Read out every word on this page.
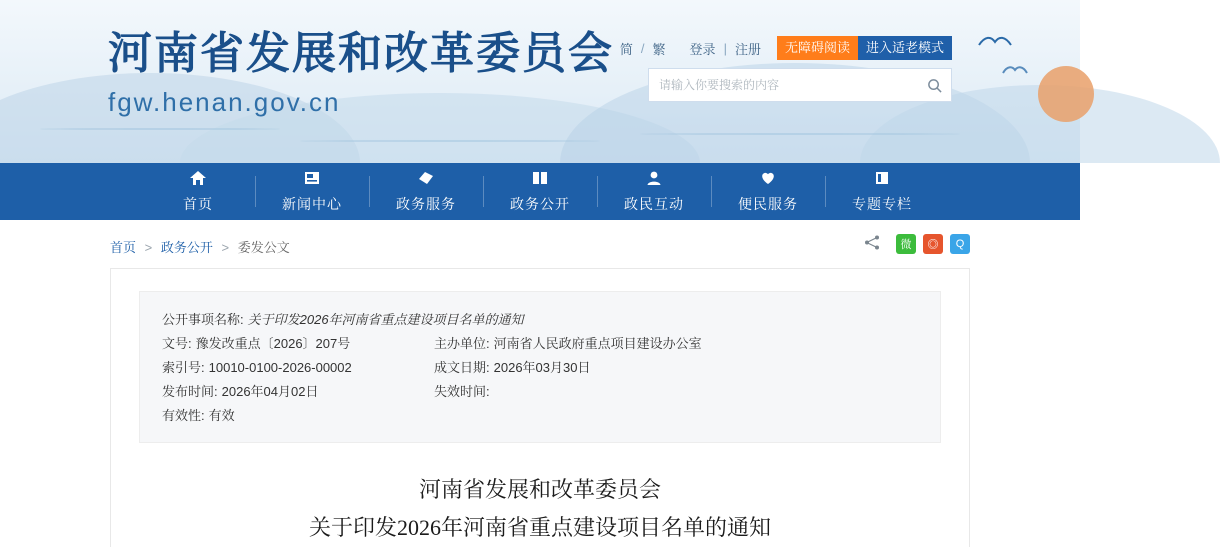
河南省发展和改革委员会
fgw.henan.gov.cn
简 / 繁	登录 | 注册	无障碍阅读	进入适老模式
请输入你要搜索的内容
首页	新闻中心	政务服务	政务公开	政民互动	便民服务	专题专栏
首页 > 政务公开 > 委发公文	微	◎	Q
公开事项名称: 关于印发2026年河南省重点建设项目名单的通知
文号: 豫发改重点〔2026〕207号	主办单位: 河南省人民政府重点项目建设办公室
索引号: 10010-0100-2026-00002	成文日期: 2026年03月30日
发布时间: 2026年04月02日	失效时间:
有效性: 有效
河南省发展和改革委员会
关于印发2026年河南省重点建设项目名单的通知
